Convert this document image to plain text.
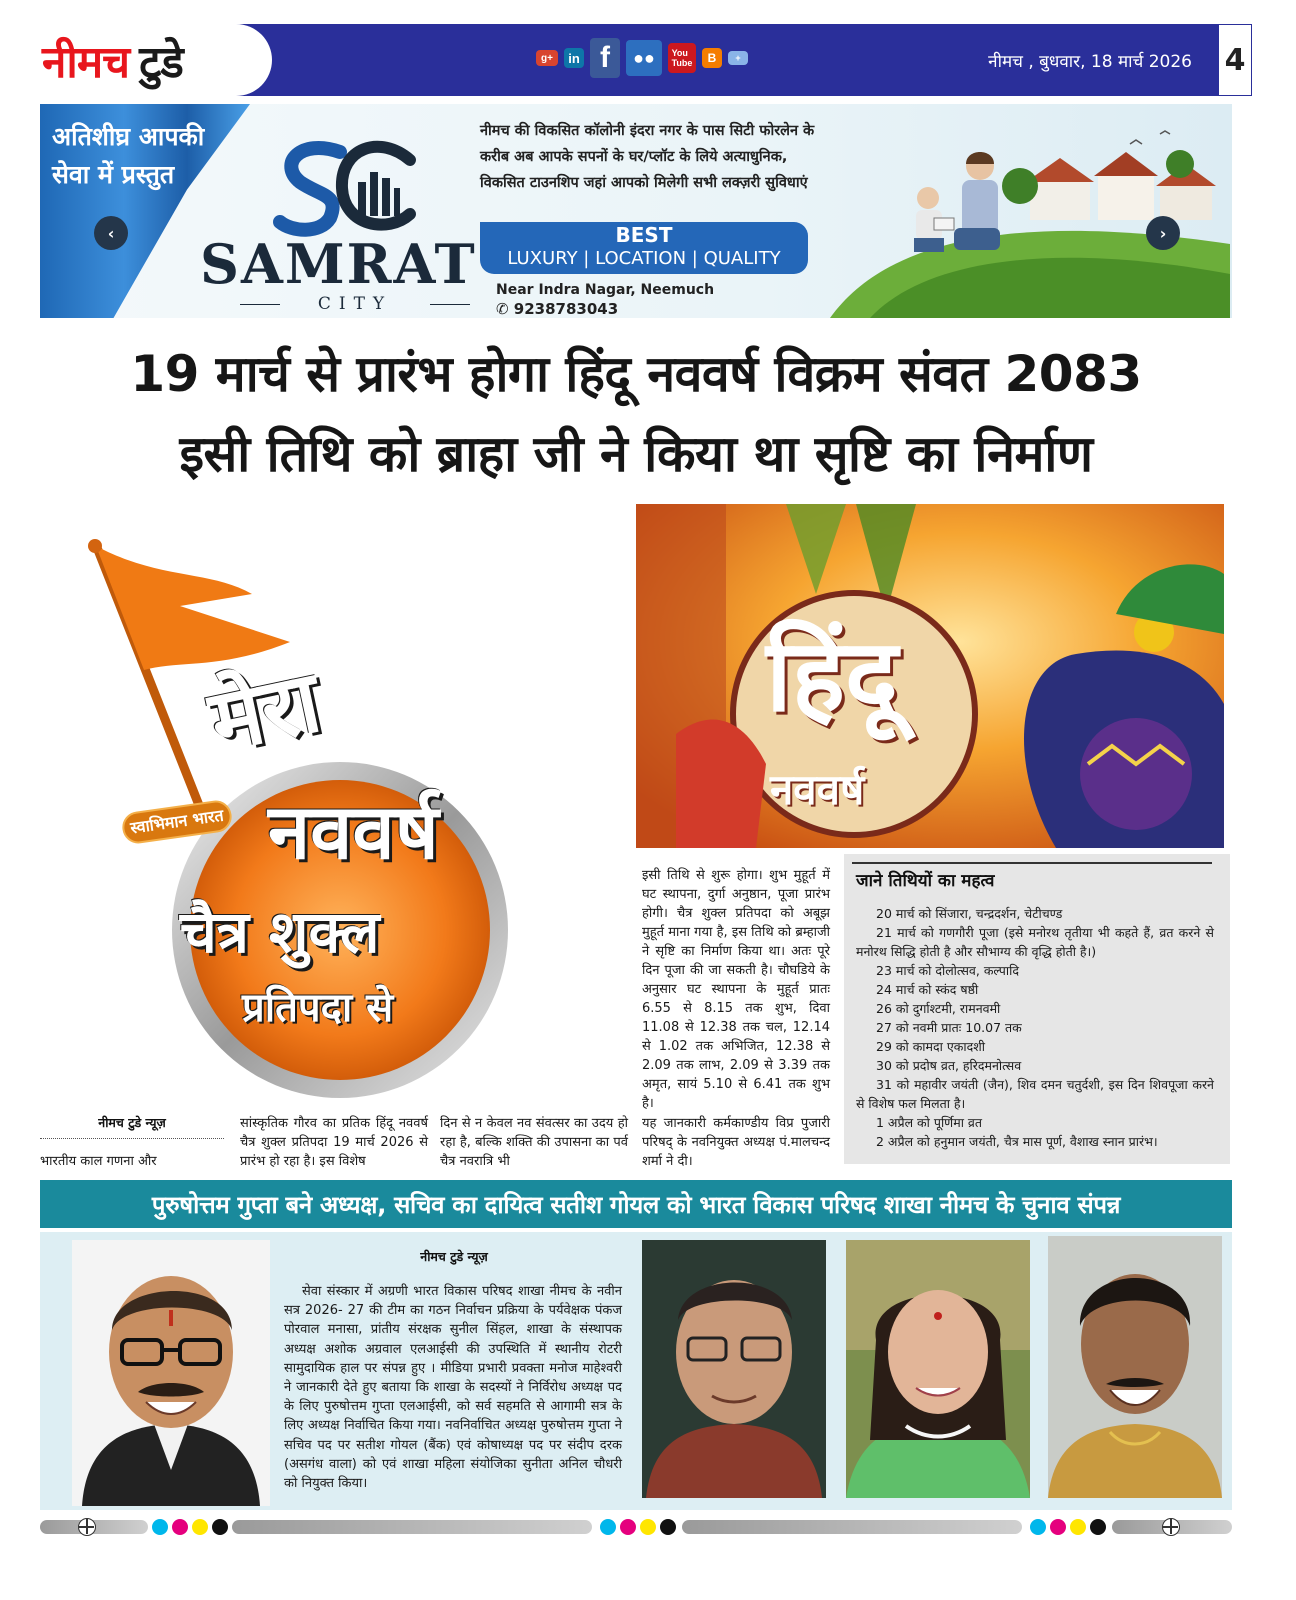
नीमच टुडे	g+	in f	●●	You
Tube	B	+	नीमच , बुधवार, 18 मार्च 2026 4
अतिशीघ्र आपकी सेवा में प्रस्तुत
SAMRAT
CITY
नीमच की विकसित कॉलोनी इंदरा नगर के पास सिटी फोरलेन के करीब अब आपके सपनों के घर/प्लॉट के लिये अत्याधुनिक, विकसित टाउनशिप जहां आपको मिलेगी सभी लक्ज़री सुविधाएं
BEST
LUXURY | LOCATION | QUALITY
Near Indra Nagar, Neemuch
✆ 9238783043
‹	›
19 मार्च से प्रारंभ होगा हिंदू नववर्ष विक्रम संवत 2083
इसी तिथि को ब्राहा जी ने किया था सृष्टि का निर्माण
मेरा
नववर्ष
चैत्र शुक्ल
प्रतिपदा से
स्वाभिमान भारत
हिंदू
नववर्ष
इसी तिथि से शुरू होगा। शुभ मुहूर्त में घट स्थापना, दुर्गा अनुष्ठान, पूजा प्रारंभ होगी। चैत्र शुक्ल प्रतिपदा को अबूझ मुहूर्त माना गया है, इस तिथि को ब्रम्हाजी ने सृष्टि का निर्माण किया था। अतः पूरे दिन पूजा की जा सकती है। चौघडिये के अनुसार घट स्थापना के मुहूर्त प्रातः 6.55 से 8.15 तक शुभ, दिवा 11.08 से 12.38 तक चल, 12.14 से 1.02 तक अभिजित, 12.38 से 2.09 तक लाभ, 2.09 से 3.39 तक अमृत, सायं 5.10 से 6.41 तक शुभ है।
नीमच टुडे न्यूज़
भारतीय काल गणना और
सांस्कृतिक गौरव का प्रतिक हिंदू नववर्ष चैत्र शुक्ल प्रतिपदा 19 मार्च 2026 से प्रारंभ हो रहा है। इस विशेष
दिन से न केवल नव संवत्सर का उदय हो रहा है, बल्कि शक्ति की उपासना का पर्व चैत्र नवरात्रि भी
यह जानकारी कर्मकाण्डीय विप्र पुजारी परिषद् के नवनियुक्त अध्यक्ष पं.मालचन्द शर्मा ने दी।
जाने तिथियों का महत्व
20 मार्च को सिंजारा, चन्द्रदर्शन, चेटीचण्ड
21 मार्च को गणगौरी पूजा (इसे मनोरथ तृतीया भी कहते हैं, व्रत करने से मनोरथ सिद्धि होती है और सौभाग्य की वृद्धि होती है।)
23 मार्च को दोलोत्सव, कल्पादि
24 मार्च को स्कंद षष्ठी
26 को दुर्गाश्टमी, रामनवमी
27 को नवमी प्रातः 10.07 तक
29 को कामदा एकादशी
30 को प्रदोष व्रत, हरिदमनोत्सव
31 को महावीर जयंती (जैन), शिव दमन चतुर्दशी, इस दिन शिवपूजा करने से विशेष फल मिलता है।
1 अप्रैल को पूर्णिमा व्रत
2 अप्रैल को हनुमान जयंती, चैत्र मास पूर्ण, वैशाख स्नान प्रारंभ।
पुरुषोत्तम गुप्ता बने अध्यक्ष, सचिव का दायित्व सतीश गोयल को भारत विकास परिषद शाखा नीमच के चुनाव संपन्न
नीमच टुडे न्यूज़

सेवा संस्कार में अग्रणी भारत विकास परिषद शाखा नीमच के नवीन सत्र 2026- 27 की टीम का गठन निर्वाचन प्रक्रिया के पर्यवेक्षक पंकज पोरवाल मनासा, प्रांतीय संरक्षक सुनील सिंहल, शाखा के संस्थापक अध्यक्ष अशोक अग्रवाल एलआईसी की उपस्थिति में स्थानीय रोटरी सामुदायिक हाल पर संपन्न हुए । मीडिया प्रभारी प्रवक्ता मनोज माहेश्वरी ने जानकारी देते हुए बताया कि शाखा के सदस्यों ने निर्विरोध अध्यक्ष पद के लिए पुरुषोत्तम गुप्ता एलआईसी, को सर्व सहमति से आगामी सत्र के लिए अध्यक्ष निर्वाचित किया गया। नवनिर्वाचित अध्यक्ष पुरुषोत्तम गुप्ता ने सचिव पद पर सतीश गोयल (बैंक) एवं कोषाध्यक्ष पद पर संदीप दरक (असगंध वाला) को एवं शाखा महिला संयोजिका सुनीता अनिल चौधरी को नियुक्त किया।
